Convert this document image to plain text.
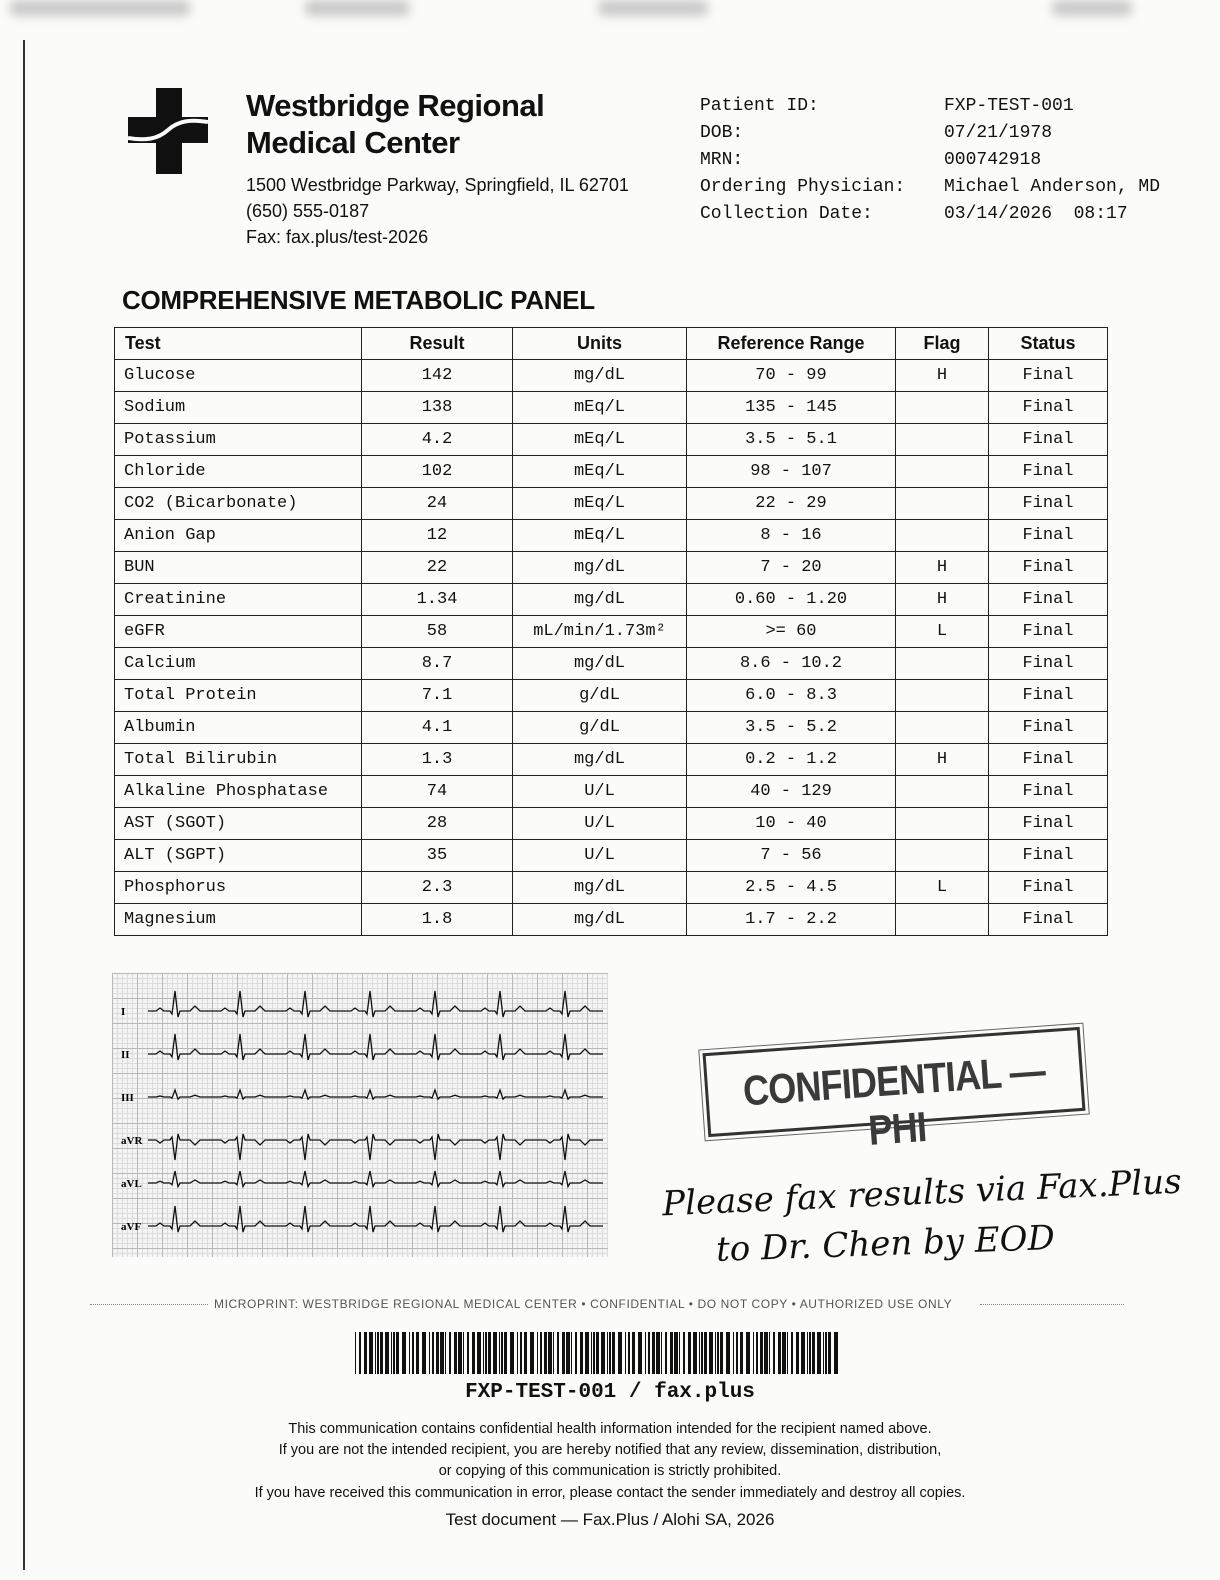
Westbridge Regional
Medical Center
1500 Westbridge Parkway, Springfield, IL 62701
(650) 555-0187
Fax: fax.plus/test-2026
Patient ID:	FXP-TEST-001
DOB:	07/21/1978
MRN:	000742918
Ordering Physician: Michael Anderson, MD
Collection Date:	03/14/2026  08:17
COMPREHENSIVE METABOLIC PANEL
Test	Result	Units	Reference Range	Flag	Status
Glucose	142	mg/dL	70 - 99	H	Final
Sodium	138	mEq/L	135 - 145		Final
Potassium	4.2	mEq/L	3.5 - 5.1		Final
Chloride	102	mEq/L	98 - 107		Final
CO2 (Bicarbonate)	24	mEq/L	22 - 29		Final
Anion Gap	12	mEq/L	8 - 16		Final
BUN	22	mg/dL	7 - 20	H	Final
Creatinine	1.34	mg/dL	0.60 - 1.20	H	Final
eGFR	58	mL/min/1.73m²	>= 60	L	Final
Calcium	8.7	mg/dL	8.6 - 10.2		Final
Total Protein	7.1	g/dL	6.0 - 8.3		Final
Albumin	4.1	g/dL	3.5 - 5.2		Final
Total Bilirubin	1.3	mg/dL	0.2 - 1.2	H	Final
Alkaline Phosphatase	74	U/L	40 - 129		Final
AST (SGOT)	28	U/L	10 - 40		Final
ALT (SGPT)	35	U/L	7 - 56		Final
Phosphorus	2.3	mg/dL	2.5 - 4.5	L	Final
Magnesium	1.8	mg/dL	1.7 - 2.2		Final
I
II
III
aVR
aVL
aVF
CONFIDENTIAL — PHI
Please fax results via Fax.Plus
to Dr. Chen by EOD
MICROPRINT: WESTBRIDGE REGIONAL MEDICAL CENTER • CONFIDENTIAL • DO NOT COPY • AUTHORIZED USE ONLY
FXP-TEST-001 / fax.plus
This communication contains confidential health information intended for the recipient named above.
If you are not the intended recipient, you are hereby notified that any review, dissemination, distribution,
or copying of this communication is strictly prohibited.
If you have received this communication in error, please contact the sender immediately and destroy all copies.
Test document — Fax.Plus / Alohi SA, 2026
